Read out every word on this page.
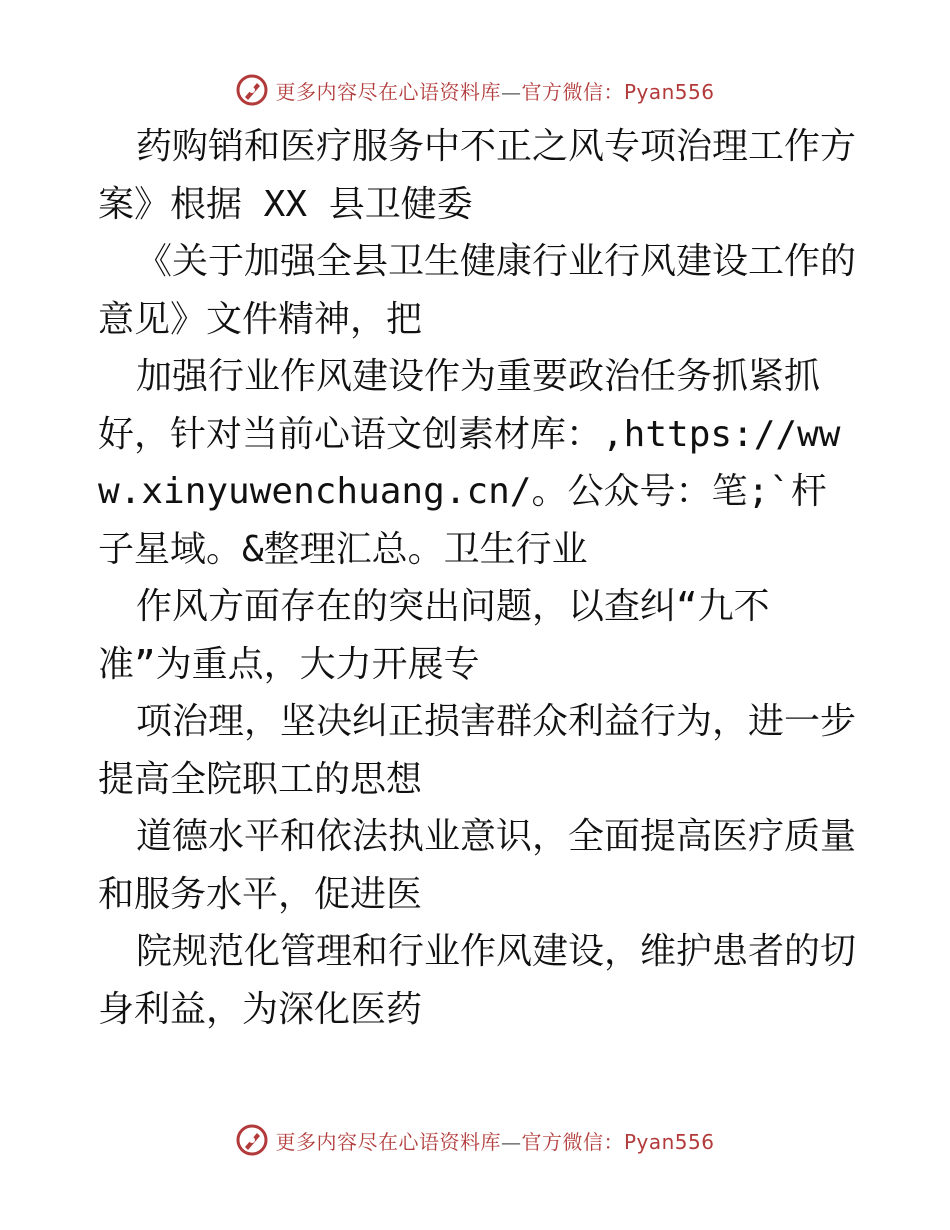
更多内容尽在心语资料库—官方微信：Pyan556

药购销和医疗服务中不正之风专项治理工作方案》根据 XX 县卫健委

《关于加强全县卫生健康行业行风建设工作的意见》文件精神，把

加强行业作风建设作为重要政治任务抓紧抓好，针对当前心语文创素材库：,https://www.xinyuwenchuang.cn/。公众号：笔;`杆子星域。&整理汇总。卫生行业

作风方面存在的突出问题，以查纠“九不准”为重点，大力开展专

项治理，坚决纠正损害群众利益行为，进一步提高全院职工的思想

道德水平和依法执业意识，全面提高医疗质量和服务水平，促进医

院规范化管理和行业作风建设，维护患者的切身利益，为深化医药

更多内容尽在心语资料库—官方微信：Pyan556
